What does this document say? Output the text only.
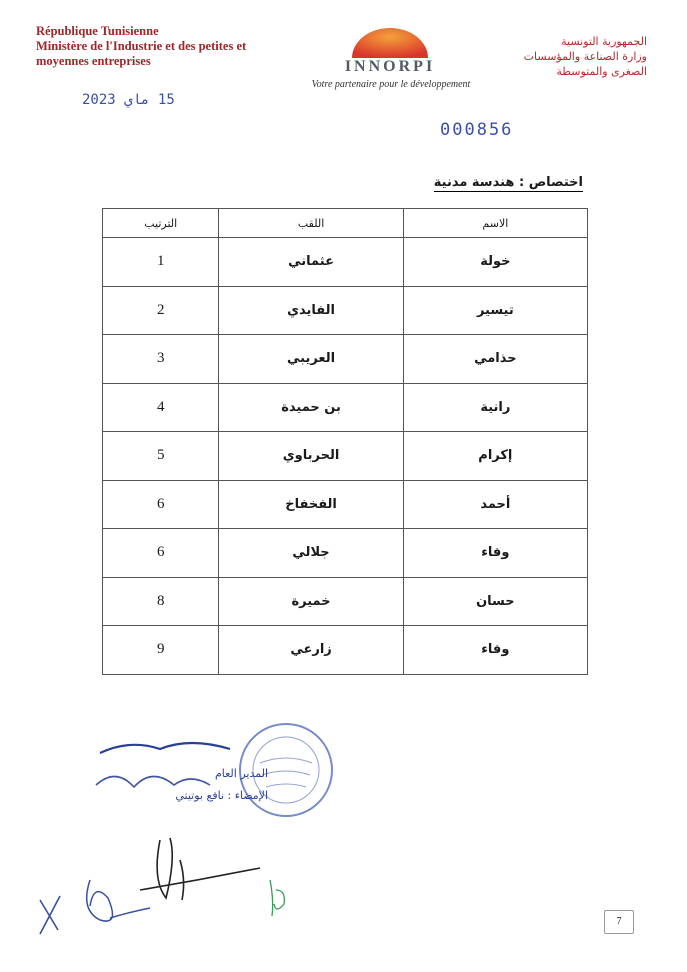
République Tunisienne
Ministère de l'Industrie et des petites et
moyennes entreprises
الجمهورية التونسية
وزارة الصناعة والمؤسسات
الصغرى والمتوسطة
INNORPI
Votre partenaire pour le développement
15 ماي 2023
000856
اختصاص : هندسة مدنية
الاسم	اللقب	الترتيب
خولة	عثماني	1
تيسير	الفايدي	2
حذامي	العريبي	3
رانية	بن حميدة	4
إكرام	الحرباوي	5
أحمد	الفخفاخ	6
وفاء	جلالي	6
حسان	خميرة	8
وفاء	زارعي	9
المدير العام
الإمضاء : نافع بوتيتي
7
